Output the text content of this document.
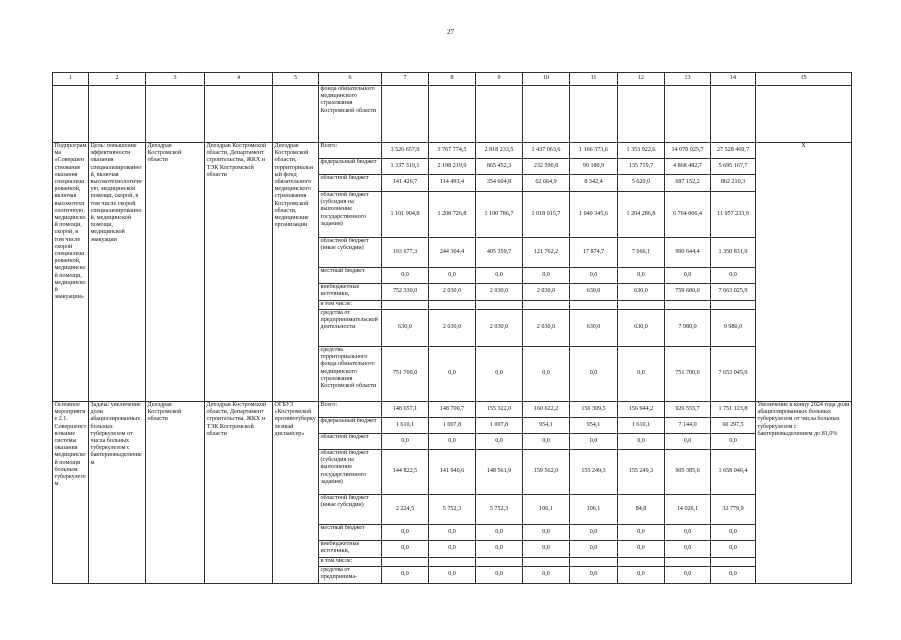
27
1	2	3	4	5	6	7	8	9	10	11	12	13	14	15
					фонда обязательного медицинского страхования Костромской области									
Подпрограмма «Совершенствование оказания специализированной, включая высокотехнологичную, медицинской помощи, скорой, в том числе скорой специализированной, медицинской помощи, медицинской эвакуации»	Цель: повышение эффективности оказания специализированной, включая высокотехнологичную, медицинской помощи, скорой, в том числе скорой специализированной, медицинской помощи, медицинской эвакуации	Депздрав Костромской области	Депздрав Костромской области, Департамент строительства, ЖКХ и ТЭК Костромской области	Депздрав Костромской области, территориальный фонд обязательного медицинского страхования Костромской области, медицинские организации	Всего:	3 526 657,9	3 767 774,5	2 818 233,5	1 437 063,6	1 166 373,6	1 353 922,6	14 070 025,7	27 528 469,7	Х
					федеральный бюджет	1 337 319,1	2 198 219,9	865 452,3	232 590,8	99 180,9	135 719,7	4 868 482,7	5 695 167,7	
					областной бюджет	141 426,7	114 493,4	354 604,8	62 664,9	8 342,4	5 620,0	687 152,2	862 210,3	
					областной бюджет (субсидия на выполнение государственного задания)	1 101 904,8	1 208 726,8	1 190 786,7	1 018 015,7	1 040 345,6	1 204 286,8	6 764 066,4	11 957 233,9	
					областной бюджет (иные субсидии)	193 677,3	244 304,4	405 359,7	121 762,2	17 874,7	7 666,1	990 644,4	1 350 831,9	
					местный бюджет	0,0	0,0	0,0	0,0	0,0	0,0	0,0	0,0	
					внебюджетные источники,	752 330,0	2 030,0	2 030,0	2 030,0	630,0	630,0	759 680,0	7 663 025,9	
					в том числе:									
					средства от предпринимательской деятельности	630,0	2 030,0	2 030,0	2 030,0	630,0	630,0	7 980,0	9 980,0	
					средства территориального фонда обязательного медицинского страхования Костромской области	751 700,0	0,0	0,0	0,0	0,0	0,0	751 700,0	7 653 045,9	
Основное мероприятие 2.1. Совершенствование системы оказания медицинской помощи больным туберкулезом	Задача: увеличение доли абациллированных больных туберкулезом от числа больных туберкулезом с бактериовыделением	Депздрав Костромской области	Депздрав Костромской области, Департамент строительства, ЖКХ и ТЭК Костромской области	ОГБУЗ «Костромской противотуберкулезный диспансер»	Всего:	148 657,1	148 700,7	155 322,0	160 622,2	156 309,5	156 944,2	926 555,7	1 751 123,8	Увеличение к концу 2024 года доли абациллированных больных туберкулезом от числа больных туберкулезом с бактериовыделением до 81,0%
					федеральный бюджет	1 610,1	1 007,8	1 007,8	954,1	954,1	1 610,1	7 144,0	60 297,5	
					областной бюджет	0,0	0,0	0,0	0,0	0,0	0,0	0,0	0,0	
					областной бюджет (субсидия на выполнение государственного задания)	144 822,5	141 940,6	148 561,9	159 562,0	155 249,3	155 249,3	905 385,6	1 658 046,4	
					областной бюджет (иные субсидии)	2 224,5	5 752,3	5 752,3	106,1	106,1	84,8	14 026,1	32 779,9	
					местный бюджет	0,0	0,0	0,0	0,0	0,0	0,0	0,0	0,0	
					внебюджетные источники,	0,0	0,0	0,0	0,0	0,0	0,0	0,0	0,0	
					в том числе:									
					средства от предпринима-	0,0	0,0	0,0	0,0	0,0	0,0	0,0	0,0	
